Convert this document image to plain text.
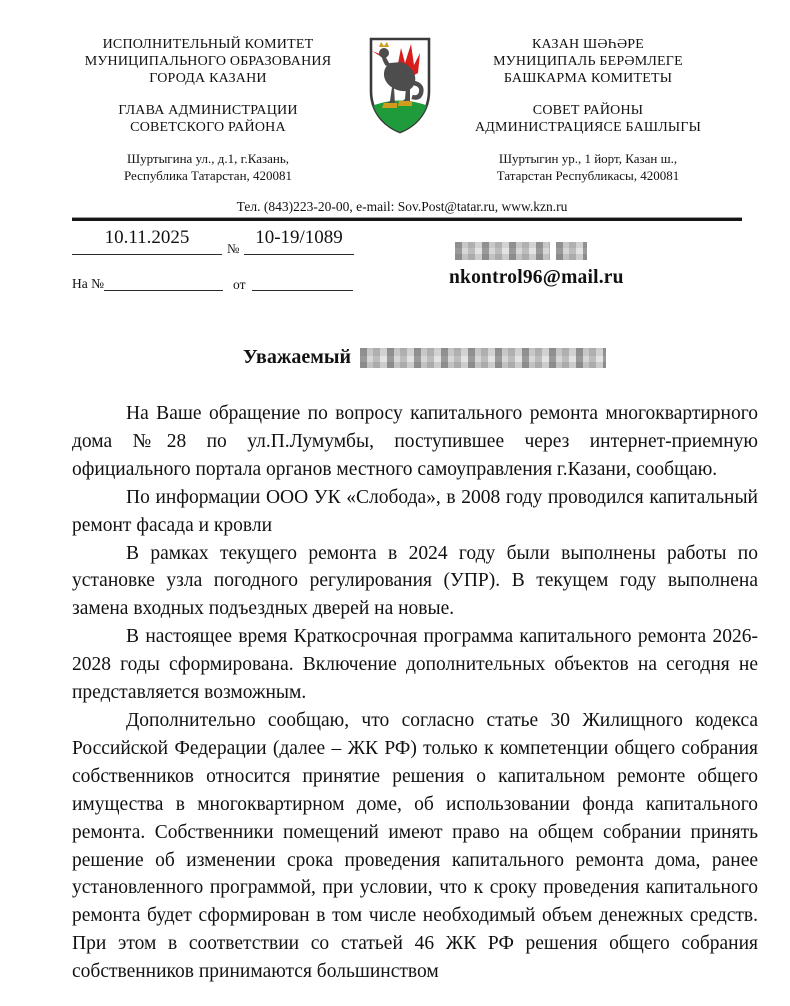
ИСПОЛНИТЕЛЬНЫЙ КОМИТЕТ
МУНИЦИПАЛЬНОГО ОБРАЗОВАНИЯ
ГОРОДА КАЗАНИ
ГЛАВА АДМИНИСТРАЦИИ
СОВЕТСКОГО РАЙОНА
Шуртыгина ул., д.1, г.Казань,
Республика Татарстан, 420081
КАЗАН ШӘҺӘРЕ
МУНИЦИПАЛЬ БЕРӘМЛЕГЕ
БАШКАРМА КОМИТЕТЫ
СОВЕТ РАЙОНЫ
АДМИНИСТРАЦИЯСЕ БАШЛЫГЫ
Шуртыгин ур., 1 йорт, Казан ш.,
Татарстан Республикасы, 420081
Тел. (843)223-20-00, e-mail: Sov.Post@tatar.ru, www.kzn.ru
10.11.2025
№
10-19/1089
На №	от	nkontrol96@mail.ru
Уважаемый

На Ваше обращение по вопросу капитального ремонта многоквартирного дома №28 по ул.П.Лумумбы, поступившее через интернет-приемную официального портала органов местного самоуправления г.Казани, сообщаю.

По информации ООО УК «Слобода», в 2008 году проводился капитальный ремонт фасада и кровли

В рамках текущего ремонта в 2024 году были выполнены работы по установке узла погодного регулирования (УПР). В текущем году выполнена замена входных подъездных дверей на новые.

В настоящее время Краткосрочная программа капитального ремонта 2026-2028 годы сформирована. Включение дополнительных объектов на сегодня не представляется возможным.

Дополнительно сообщаю, что согласно статье 30 Жилищного кодекса Российской Федерации (далее – ЖК РФ) только к компетенции общего собрания собственников относится принятие решения о капитальном ремонте общего имущества в многоквартирном доме, об использовании фонда капитального ремонта. Собственники помещений имеют право на общем собрании принять решение об изменении срока проведения капитального ремонта дома, ранее установленного программой, при условии, что к сроку проведения капитального ремонта будет сформирован в том числе необходимый объем денежных средств. При этом в соответствии со статьей 46 ЖК РФ решения общего собрания собственников принимаются большинством
